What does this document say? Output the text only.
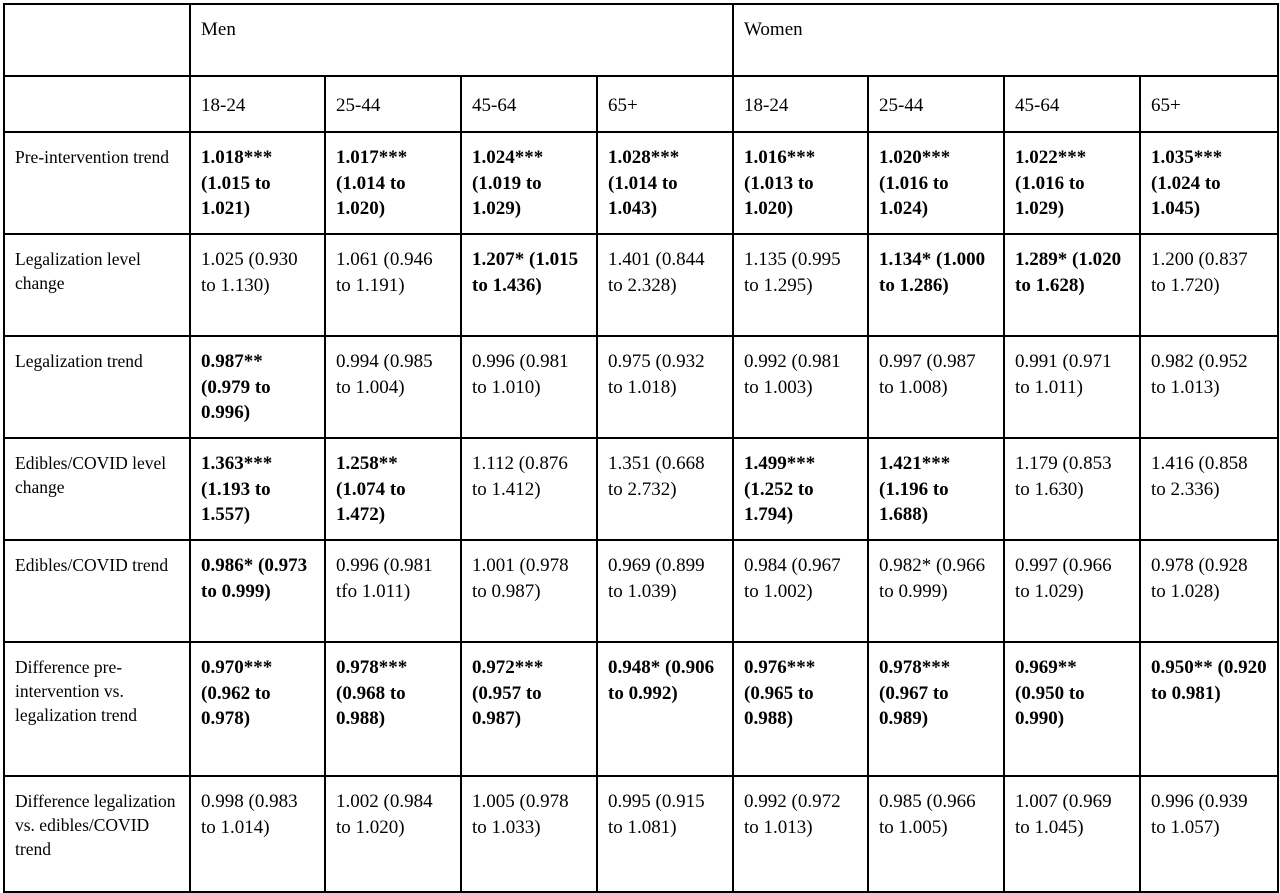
	Men				Women			
	18-24	25-44	45-64	65+	18-24	25-44	45-64	65+
Pre-intervention trend	1.018*** (1.015 to 1.021)	1.017*** (1.014 to 1.020)	1.024*** (1.019 to 1.029)	1.028*** (1.014 to 1.043)	1.016*** (1.013 to 1.020)	1.020*** (1.016 to 1.024)	1.022*** (1.016 to 1.029)	1.035*** (1.024 to 1.045)
Legalization level change	1.025 (0.930 to 1.130)	1.061 (0.946 to 1.191)	1.207* (1.015 to 1.436)	1.401 (0.844 to 2.328)	1.135 (0.995 to 1.295)	1.134* (1.000 to 1.286)	1.289* (1.020 to 1.628)	1.200 (0.837 to 1.720)
Legalization trend	0.987** (0.979 to 0.996)	0.994 (0.985 to 1.004)	0.996 (0.981 to 1.010)	0.975 (0.932 to 1.018)	0.992 (0.981 to 1.003)	0.997 (0.987 to 1.008)	0.991 (0.971 to 1.011)	0.982 (0.952 to 1.013)
Edibles/COVID level change	1.363*** (1.193 to 1.557)	1.258** (1.074 to 1.472)	1.112 (0.876 to 1.412)	1.351 (0.668 to 2.732)	1.499*** (1.252 to 1.794)	1.421*** (1.196 to 1.688)	1.179 (0.853 to 1.630)	1.416 (0.858 to 2.336)
Edibles/COVID trend	0.986* (0.973 to 0.999)	0.996 (0.981 tfo 1.011)	1.001 (0.978 to 0.987)	0.969 (0.899 to 1.039)	0.984 (0.967 to 1.002)	0.982* (0.966 to 0.999)	0.997 (0.966 to 1.029)	0.978 (0.928 to 1.028)
Difference pre-intervention vs. legalization trend	0.970*** (0.962 to 0.978)	0.978*** (0.968 to 0.988)	0.972*** (0.957 to 0.987)	0.948* (0.906 to 0.992)	0.976*** (0.965 to 0.988)	0.978*** (0.967 to 0.989)	0.969** (0.950 to 0.990)	0.950** (0.920 to 0.981)
Difference legalization vs. edibles/COVID trend	0.998 (0.983 to 1.014)	1.002 (0.984 to 1.020)	1.005 (0.978 to 1.033)	0.995 (0.915 to 1.081)	0.992 (0.972 to 1.013)	0.985 (0.966 to 1.005)	1.007 (0.969 to 1.045)	0.996 (0.939 to 1.057)
